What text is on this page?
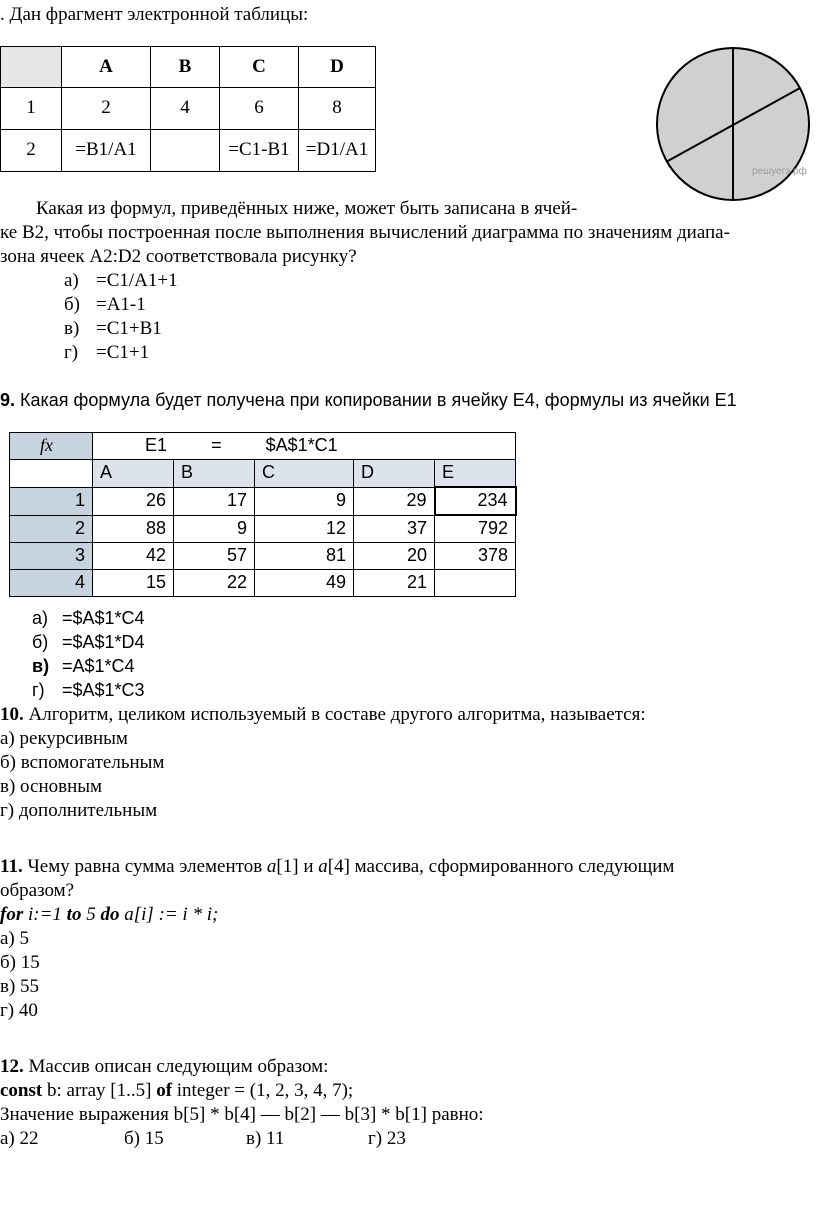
. Дан фрагмент электронной таблицы:
	A	B	C	D
1	2	4	6	8
2	=B1/A1		=C1-B1	=D1/A1
решуегэ.рф
Какая из формул, приведённых ниже, может быть записана в ячей-
ке B2, чтобы построенная после выполнения вычислений диаграмма по значениям диапа-
зона ячеек A2:D2 соответствовала рисунку?
а) =C1/A1+1
б) =A1-1
в) =C1+B1
г) =C1+1
9. Какая формула будет получена при копировании в ячейку E4, формулы из ячейки E1
fx	E1 = $A$1*C1				
	A	B	C	D	E
1	26	17	9	29	234
2	88	9	12	37	792
3	42	57	81	20	378
4	15	22	49	21	
а) =$A$1*C4
б) =$A$1*D4
в) =A$1*C4
г) =$A$1*C3
10. Алгоритм, целиком используемый в составе другого алгоритма, называется:
а) рекурсивным
б) вспомогательным
в) основным
г) дополнительным
11. Чему равна сумма элементов a[1] и a[4] массива, сформированного следующим
образом?
for i:=1 to 5 do a[i] := i * i;
а) 5
б) 15
в) 55
г) 40
12. Массив описан следующим образом:
const b: array [1..5] of integer = (1, 2, 3, 4, 7);
Значение выражения b[5] * b[4] — b[2] — b[3] * b[1] равно:
а) 22	б) 15	в) 11	г) 23
